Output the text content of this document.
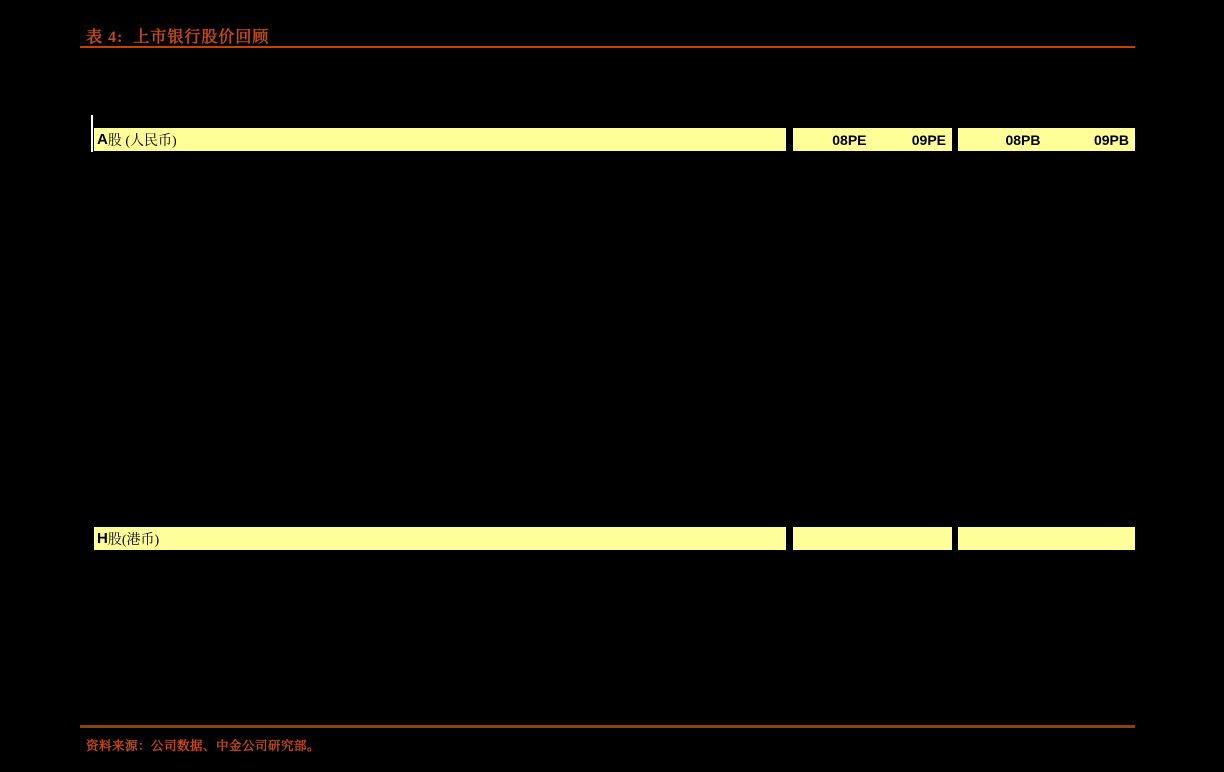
表 4:  上市银行股价回顾
A 股 (人民币)	08PE	09PE	08PB	09PB
H 股(港币)
资料来源：公司数据、中金公司研究部。
